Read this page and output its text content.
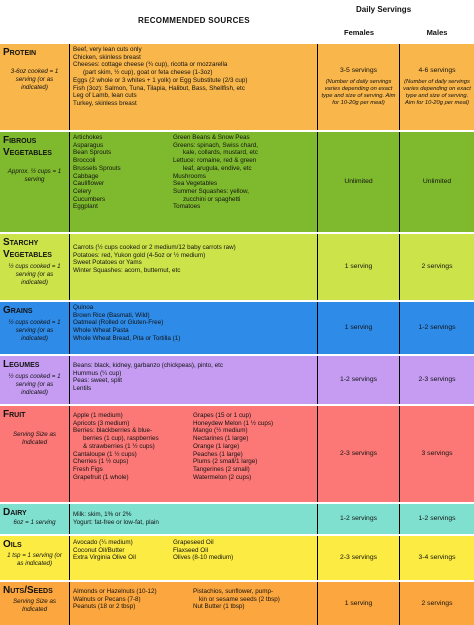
RECOMMENDED SOURCES
Daily Servings
Females	Males
Protein
3-6oz cooked = 1 serving (or as indicated)
Beef, very lean cuts only
Chicken, skinless breast
Cheeses: cottage cheese (¾ cup), ricotta or mozzarella
(part skim, ½ cup), goat or feta cheese (1-3oz)
Eggs (2 whole or 3 whites + 1 yolk) or Egg Substitute (2/3 cup)
Fish (3oz): Salmon, Tuna, Tilapia, Halibut, Bass, Shellfish, etc
Leg of Lamb, lean cuts
Turkey, skinless breast
3-5 servings
(Number of daily servings varies depending on exact type and size of serving. Aim for 10-20g per meal)
4-6 servings
(Number of daily servings varies depending on exact type and size of serving. Aim for 10-20g per meal)
Fibrous Vegetables
Approx. ½ cups = 1 serving
Artichokes
Asparagus
Bean Sprouts
Broccoli
Brussels Sprouts
Cabbage
Cauliflower
Celery
Cucumbers
Eggplant
Green Beans & Snow Peas
Greens: spinach, Swiss chard,
kale, collards, mustard, etc
Lettuce: romaine, red & green
leaf, arugula, endive, etc
Mushrooms
Sea Vegetables
Summer Squashes: yellow,
zucchini or spaghetti
Tomatoes
Unlimited	Unlimited
Starchy Vegetables
½ cups cooked = 1 serving (or as indicated)
Carrots (½ cups cooked or 2 medium/12 baby carrots raw)
Potatoes: red, Yukon gold (4-5oz or ½ medium)
Sweet Potatoes or Yams
Winter Squashes: acorn, butternut, etc
1 serving	2 servings
Grains
½ cups cooked = 1 serving (or as indicated)
Quinoa
Brown Rice (Basmati, Wild)
Oatmeal (Rolled or Gluten-Free)
Whole Wheat Pasta
Whole Wheat Bread, Pita or Tortilla (1)
1 serving	1-2 servings
Legumes
½ cups cooked = 1 serving (or as indicated)
Beans: black, kidney, garbanzo (chickpeas), pinto, etc
Hummus (¼ cup)
Peas: sweet, split
Lentils
1-2 servings	2-3 servings
Fruit
Serving Size as Indicated
Apple (1 medium)
Apricots (3 medium)
Berries: blackberries & blue-
berries (1 cup), raspberries
& strawberries (1 ½ cups)
Cantaloupe (1 ½ cups)
Cherries (1 ½ cups)
Fresh Figs
Grapefruit (1 whole)
Grapes (15 or 1 cup)
Honeydew Melon (1 ½ cups)
Mango (½ medium)
Nectarines (1 large)
Orange (1 large)
Peaches (1 large)
Plums (2 small/1 large)
Tangerines (2 small)
Watermelon (2 cups)
2-3 servings	3 servings
Dairy
6oz = 1 serving
Milk: skim, 1% or 2%
Yogurt: fat-free or low-fat, plain
1-2 servings	1-2 servings
Oils
1 tsp = 1 serving (or as indicated)
Avocado (¼ medium)
Coconut Oil/Butter
Extra Virginia Olive Oil
Grapeseed Oil
Flaxseed Oil
Olives (8-10 medium)	2-3 servings	3-4 servings
Nuts/Seeds
Serving Size as Indicated
Almonds or Hazelnuts (10-12)
Walnuts or Pecans (7-8)
Peanuts (18 or 2 tbsp)
Pistachios, sunflower, pump-
kin or sesame seeds (2 tbsp)
Nut Butter (1 tbsp)
1 serving	2 servings
